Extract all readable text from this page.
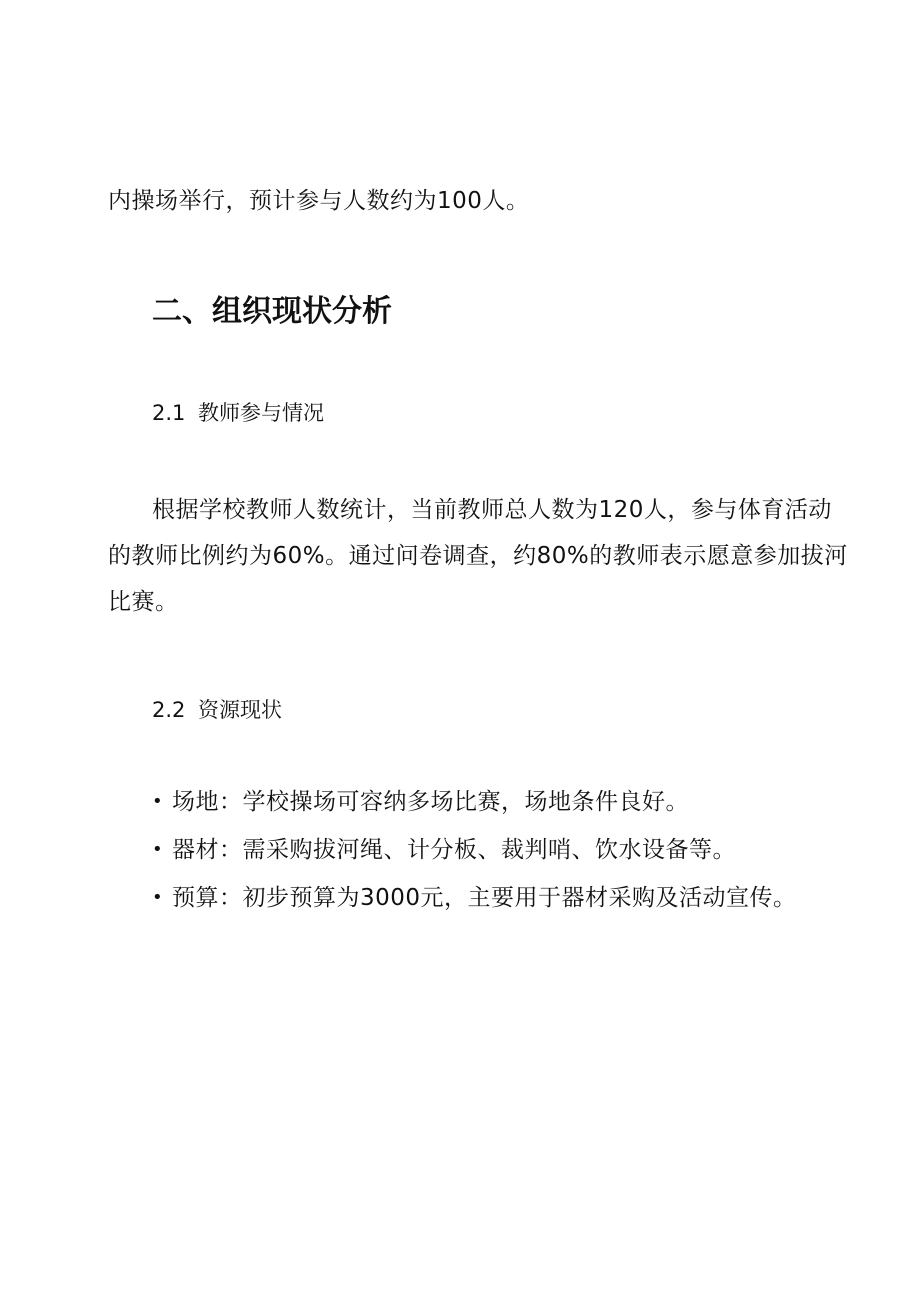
内操场举行，预计参与人数约为100人。
二、组织现状分析
2.1 教师参与情况
根据学校教师人数统计，当前教师总人数为120人，参与体育活动
的教师比例约为60%。通过问卷调查，约80%的教师表示愿意参加拔河
比赛。
2.2 资源现状
• 场地：学校操场可容纳多场比赛，场地条件良好。
• 器材：需采购拔河绳、计分板、裁判哨、饮水设备等。
• 预算：初步预算为3000元，主要用于器材采购及活动宣传。
